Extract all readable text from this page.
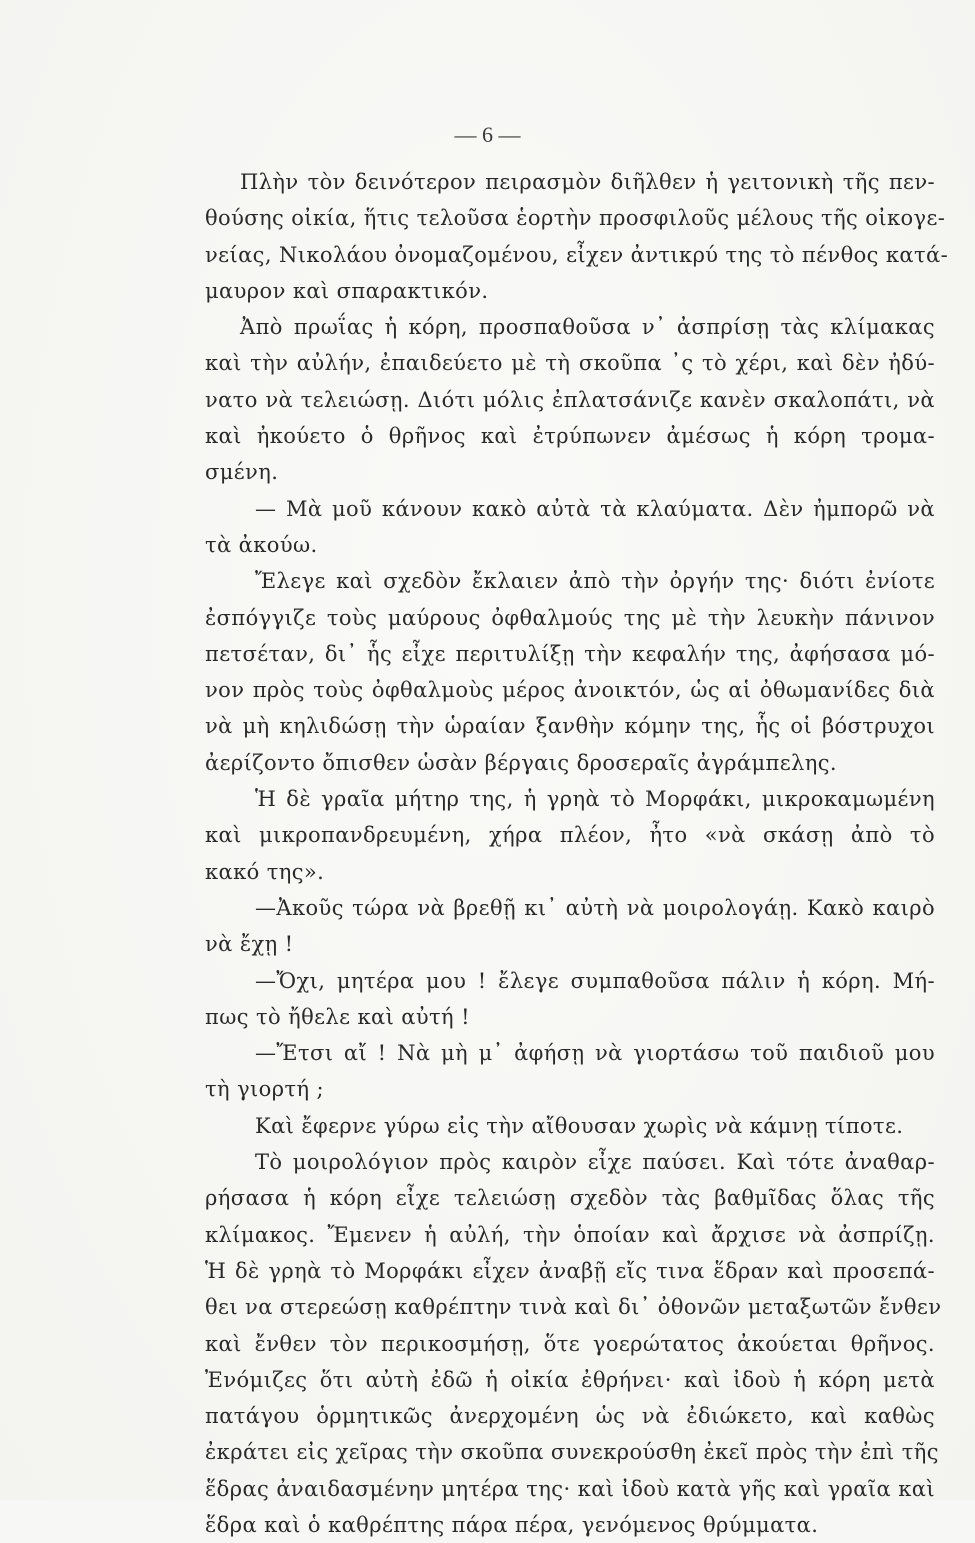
— 6 —
Πλὴν τὸν δεινότερον πειρασμὸν διῆλθεν ἡ γειτονικὴ τῆς πεν-
θούσης οἰκία, ἥτις τελοῦσα ἑορτὴν προσφιλοῦς μέλους τῆς οἰκογε-
νείας, Νικολάου ὀνομαζομένου, εἶχεν ἀντικρύ της τὸ πένθος κατά-
μαυρον καὶ σπαρακτικόν.
Ἀπὸ πρωΐας ἡ κόρη, προσπαθοῦσα ν᾿ ἀσπρίσῃ τὰς κλίμακας
καὶ τὴν αὐλήν, ἐπαιδεύετο μὲ τὴ σκοῦπα ᾿ς τὸ χέρι, καὶ δὲν ἠδύ-
νατο νὰ τελειώσῃ. Διότι μόλις ἐπλατσάνιζε κανὲν σκαλοπάτι, νὰ
καὶ ἠκούετο ὁ θρῆνος καὶ ἐτρύπωνεν ἀμέσως ἡ κόρη τρομα-
σμένη.
— Μὰ μοῦ κάνουν κακὸ αὐτὰ τὰ κλαύματα. Δὲν ἠμπορῶ νὰ
τὰ ἀκούω.
Ἔλεγε καὶ σχεδὸν ἔκλαιεν ἀπὸ τὴν ὀργήν της· διότι ἐνίοτε
ἐσπόγγιζε τοὺς μαύρους ὀφθαλμούς της μὲ τὴν λευκὴν πάνινον
πετσέταν, δι᾿ ἧς εἶχε περιτυλίξῃ τὴν κεφαλήν της, ἀφήσασα μό-
νον πρὸς τοὺς ὀφθαλμοὺς μέρος ἀνοικτόν, ὡς αἱ ὀθωμανίδες διὰ
νὰ μὴ κηλιδώσῃ τὴν ὡραίαν ξανθὴν κόμην της, ἧς οἱ βόστρυχοι
ἀερίζοντο ὄπισθεν ὡσὰν βέργαις δροσεραῖς ἀγράμπελης.
Ἡ δὲ γραῖα μήτηρ της, ἡ γρηὰ τὸ Μορφάκι, μικροκαμωμένη
καὶ μικροπανδρευμένη, χήρα πλέον, ἦτο «νὰ σκάσῃ ἀπὸ τὸ
κακό της».
—Ἀκοῦς τώρα νὰ βρεθῇ κι᾿ αὐτὴ νὰ μοιρολογάῃ. Κακὸ καιρὸ
νὰ ἔχῃ !
—Ὄχι, μητέρα μου ! ἔλεγε συμπαθοῦσα πάλιν ἡ κόρη. Μή-
πως τὸ ἤθελε καὶ αὐτή !
—Ἔτσι αἴ ! Νὰ μὴ μ᾿ ἀφήσῃ νὰ γιορτάσω τοῦ παιδιοῦ μου
τὴ γιορτή ;
Καὶ ἔφερνε γύρω εἰς τὴν αἴθουσαν χωρὶς νὰ κάμνῃ τίποτε.
Τὸ μοιρολόγιον πρὸς καιρὸν εἶχε παύσει. Καὶ τότε ἀναθαρ-
ρήσασα ἡ κόρη εἶχε τελειώσῃ σχεδὸν τὰς βαθμῖδας ὅλας τῆς
κλίμακος. Ἔμενεν ἡ αὐλή, τὴν ὁποίαν καὶ ἄρχισε νὰ ἀσπρίζῃ.
Ἡ δὲ γρηὰ τὸ Μορφάκι εἶχεν ἀναβῇ εἴς τινα ἕδραν καὶ προσεπά-
θει να στερεώσῃ καθρέπτην τινὰ καὶ δι᾿ ὀθονῶν μεταξωτῶν ἔνθεν
καὶ ἔνθεν τὸν περικοσμήσῃ, ὅτε γοερώτατος ἀκούεται θρῆνος.
Ἐνόμιζες ὅτι αὐτὴ ἐδῶ ἡ οἰκία ἐθρήνει· καὶ ἰδοὺ ἡ κόρη μετὰ
πατάγου ὁρμητικῶς ἀνερχομένη ὡς νὰ ἐδιώκετο, καὶ καθὼς
ἐκράτει εἰς χεῖρας τὴν σκοῦπα συνεκρούσθη ἐκεῖ πρὸς τὴν ἐπὶ τῆς
ἕδρας ἀναιδασμένην μητέρα της· καὶ ἰδοὺ κατὰ γῆς καὶ γραῖα καὶ
ἕδρα καὶ ὁ καθρέπτης πάρα πέρα, γενόμενος θρύμματα.
